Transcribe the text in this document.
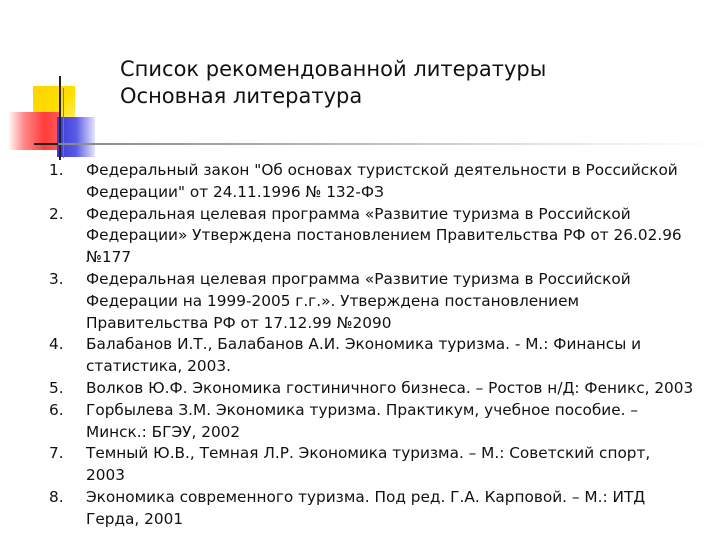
Список рекомендованной литературы
Основная литература
1. Федеральный закон "Об основах туристской деятельности в Российской Федерации" от 24.11.1996 № 132-ФЗ
2. Федеральная целевая программа «Развитие туризма в Российской Федерации» Утверждена постановлением Правительства РФ от 26.02.96 №177
3. Федеральная целевая программа «Развитие туризма в Российской Федерации на 1999-2005 г.г.». Утверждена постановлением Правительства РФ от 17.12.99 №2090
4. Балабанов И.Т., Балабанов А.И. Экономика туризма. - М.: Финансы и статистика, 2003.
5. Волков Ю.Ф. Экономика гостиничного бизнеса. – Ростов н/Д: Феникс, 2003
6. Горбылева З.М. Экономика туризма. Практикум, учебное пособие. – Минск.: БГЭУ, 2002
7. Темный Ю.В., Темная Л.Р. Экономика туризма. – М.: Советский спорт, 2003
8. Экономика современного туризма. Под ред. Г.А. Карповой. – М.: ИТД Герда, 2001
